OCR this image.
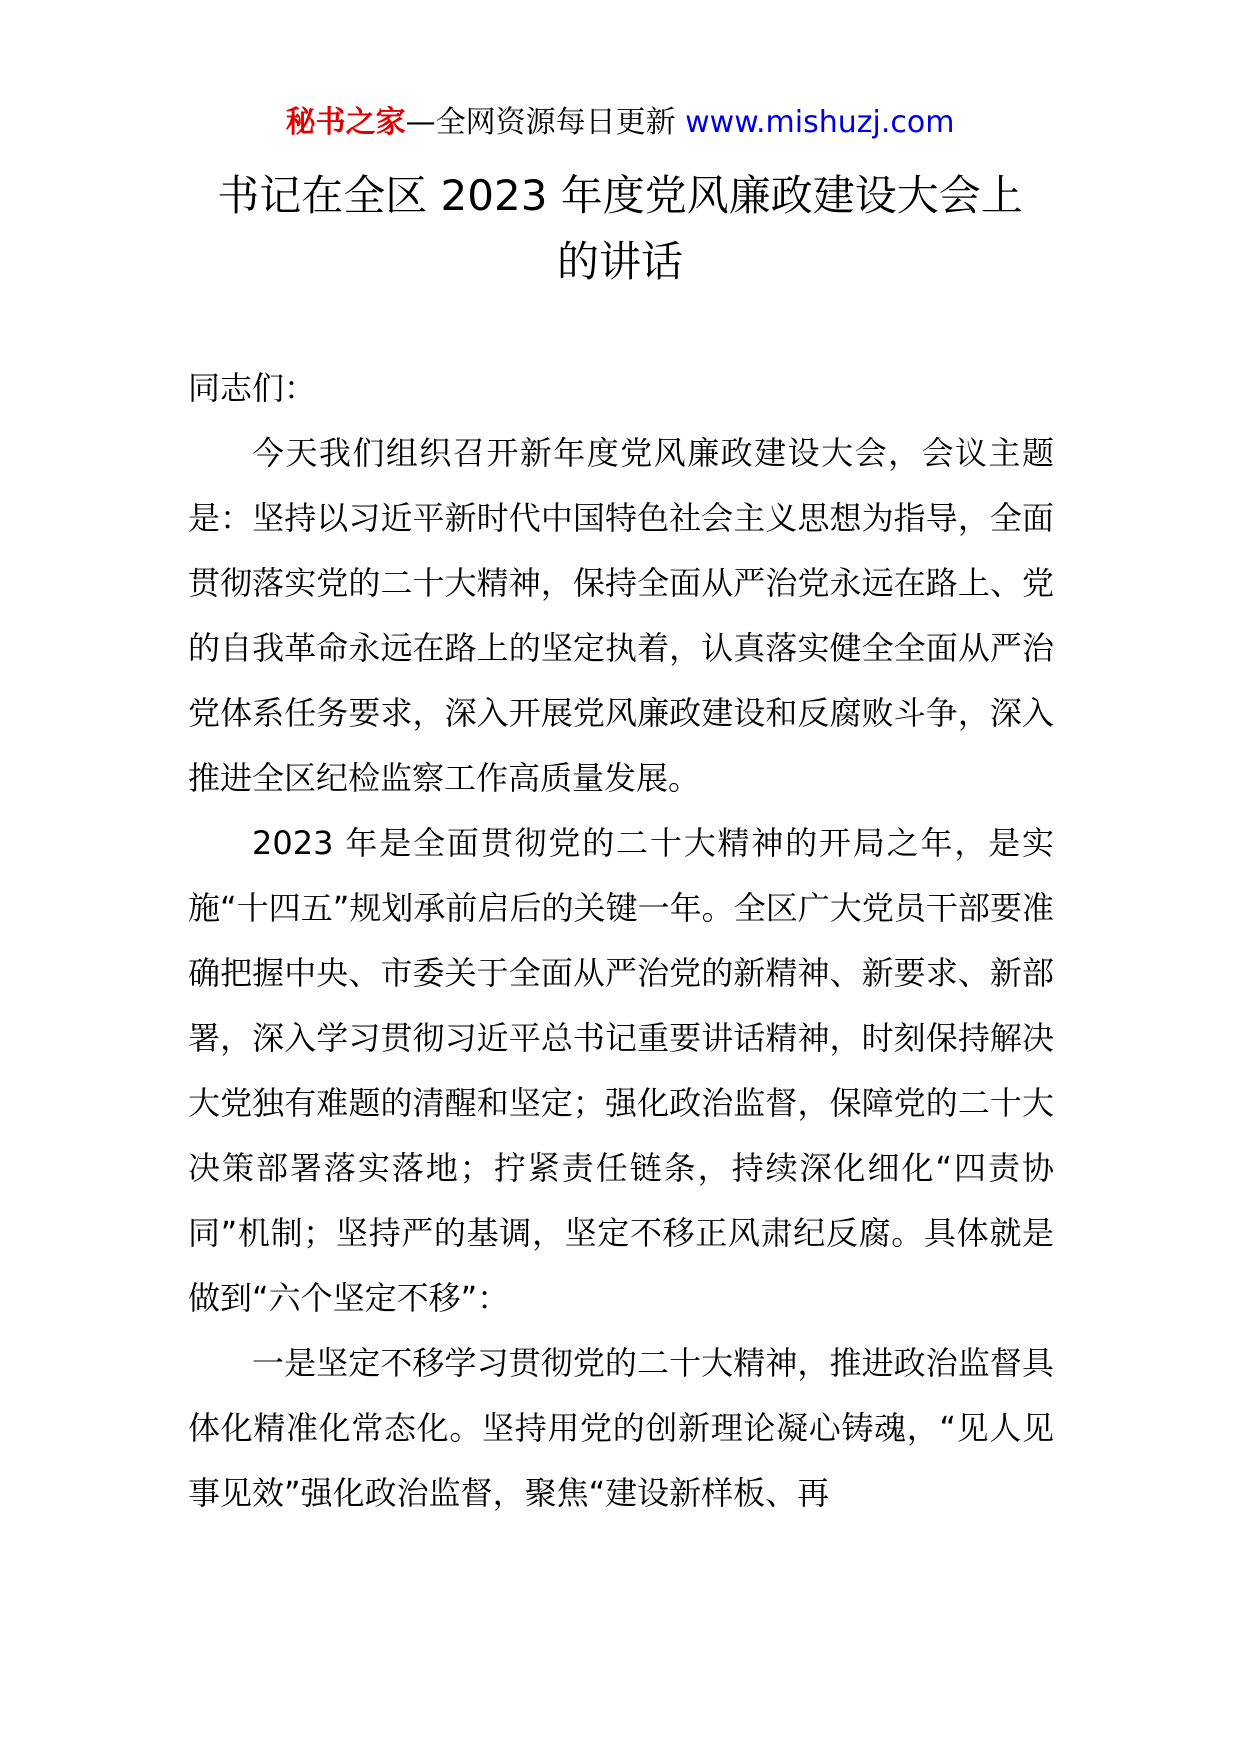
秘书之家—全网资源每日更新 www.mishuzj.com
书记在全区 2023 年度党风廉政建设大会上
的讲话

同志们：

今天我们组织召开新年度党风廉政建设大会，会议主题是：坚持以习近平新时代中国特色社会主义思想为指导，全面贯彻落实党的二十大精神，保持全面从严治党永远在路上、党的自我革命永远在路上的坚定执着，认真落实健全全面从严治党体系任务要求，深入开展党风廉政建设和反腐败斗争，深入推进全区纪检监察工作高质量发展。

2023 年是全面贯彻党的二十大精神的开局之年，是实施“十四五”规划承前启后的关键一年。全区广大党员干部要准确把握中央、市委关于全面从严治党的新精神、新要求、新部署，深入学习贯彻习近平总书记重要讲话精神，时刻保持解决大党独有难题的清醒和坚定；强化政治监督，保障党的二十大决策部署落实落地；拧紧责任链条，持续深化细化“四责协同”机制；坚持严的基调，坚定不移正风肃纪反腐。具体就是做到“六个坚定不移”：

一是坚定不移学习贯彻党的二十大精神，推进政治监督具体化精准化常态化。坚持用党的创新理论凝心铸魂，“见人见事见效”强化政治监督，聚焦“建设新样板、再
